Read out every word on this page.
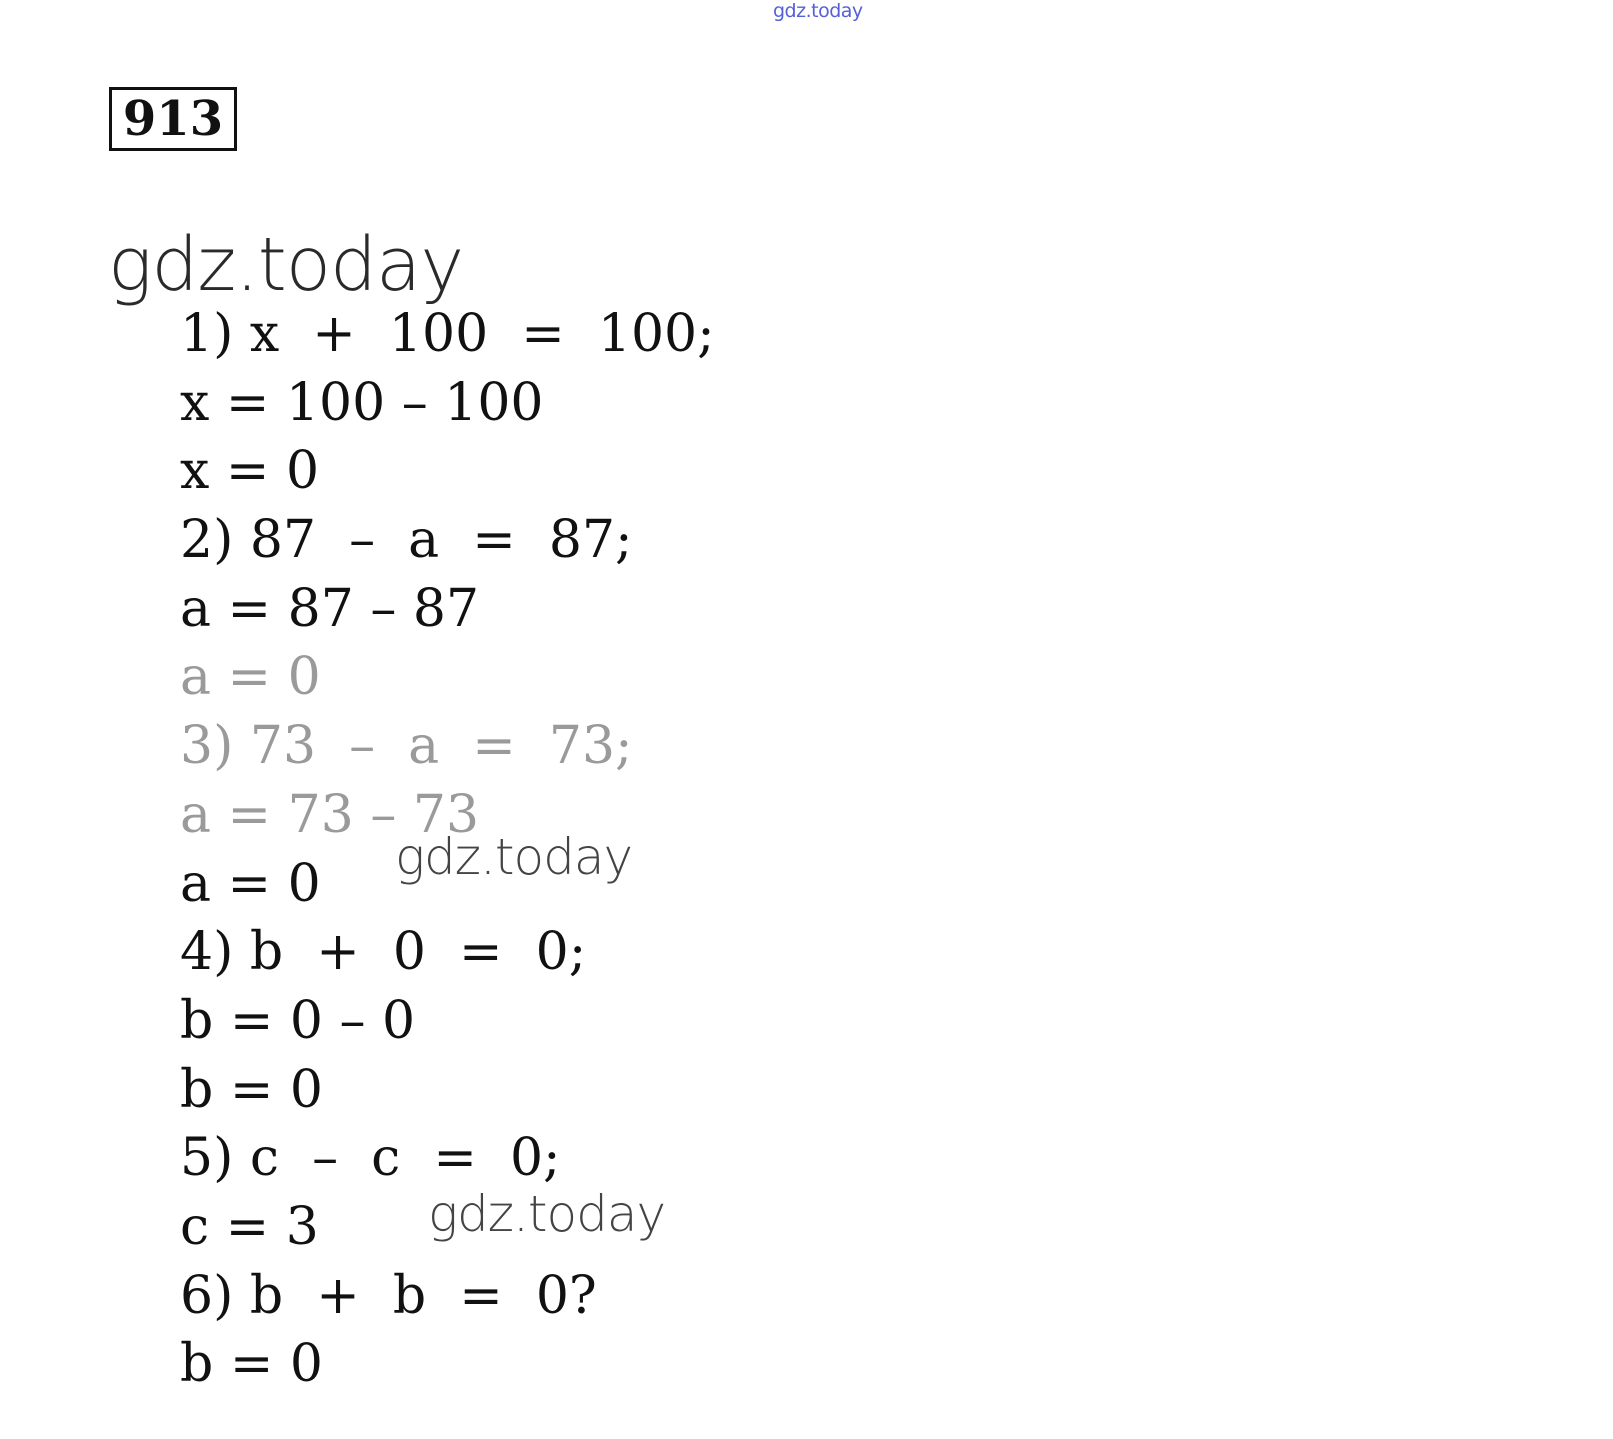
gdz.today
913
gdz.today
1) x  +  100  =  100;
x = 100 – 100
x = 0
2) 87  –  a  =  87;
a = 87 – 87
a = 0
3) 73  –  a  =  73;
a = 73 – 73
a = 0
4) b  +  0  =  0;
b = 0 – 0
b = 0
5) c  –  c  =  0;
c = 3
6) b  +  b  =  0?
b = 0
gdz.today
gdz.today
